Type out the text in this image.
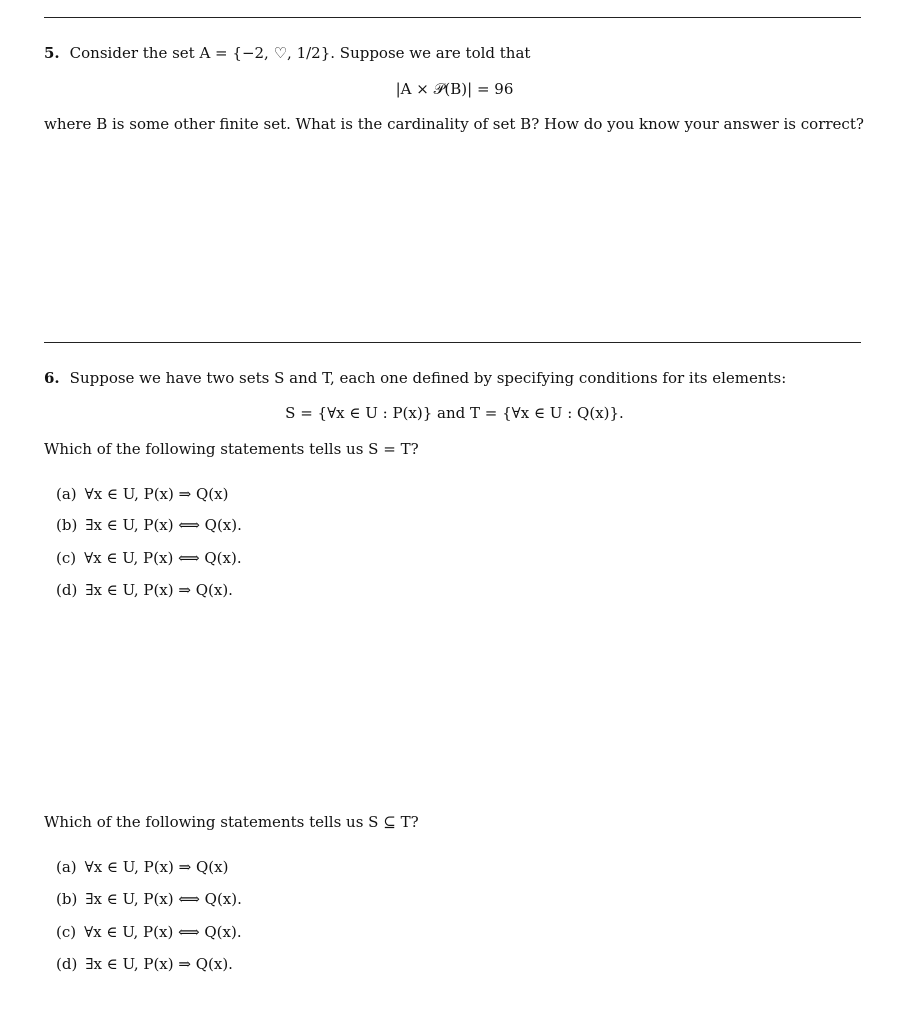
5. Consider the set A = {−2, ♡, 1/2}. Suppose we are told that
|A × 𝒫(B)| = 96
where B is some other finite set. What is the cardinality of set B? How do you know your answer is correct?
6. Suppose we have two sets S and T, each one defined by specifying conditions for its elements:
S = {∀x ∈ U : P(x)} and T = {∀x ∈ U : Q(x)}.
Which of the following statements tells us S = T?
(a) ∀x ∈ U, P(x) ⇒ Q(x)
(b) ∃x ∈ U, P(x) ⟺ Q(x).
(c) ∀x ∈ U, P(x) ⟺ Q(x).
(d) ∃x ∈ U, P(x) ⇒ Q(x).
Which of the following statements tells us S ⊆ T?
(a) ∀x ∈ U, P(x) ⇒ Q(x)
(b) ∃x ∈ U, P(x) ⟺ Q(x).
(c) ∀x ∈ U, P(x) ⟺ Q(x).
(d) ∃x ∈ U, P(x) ⇒ Q(x).
